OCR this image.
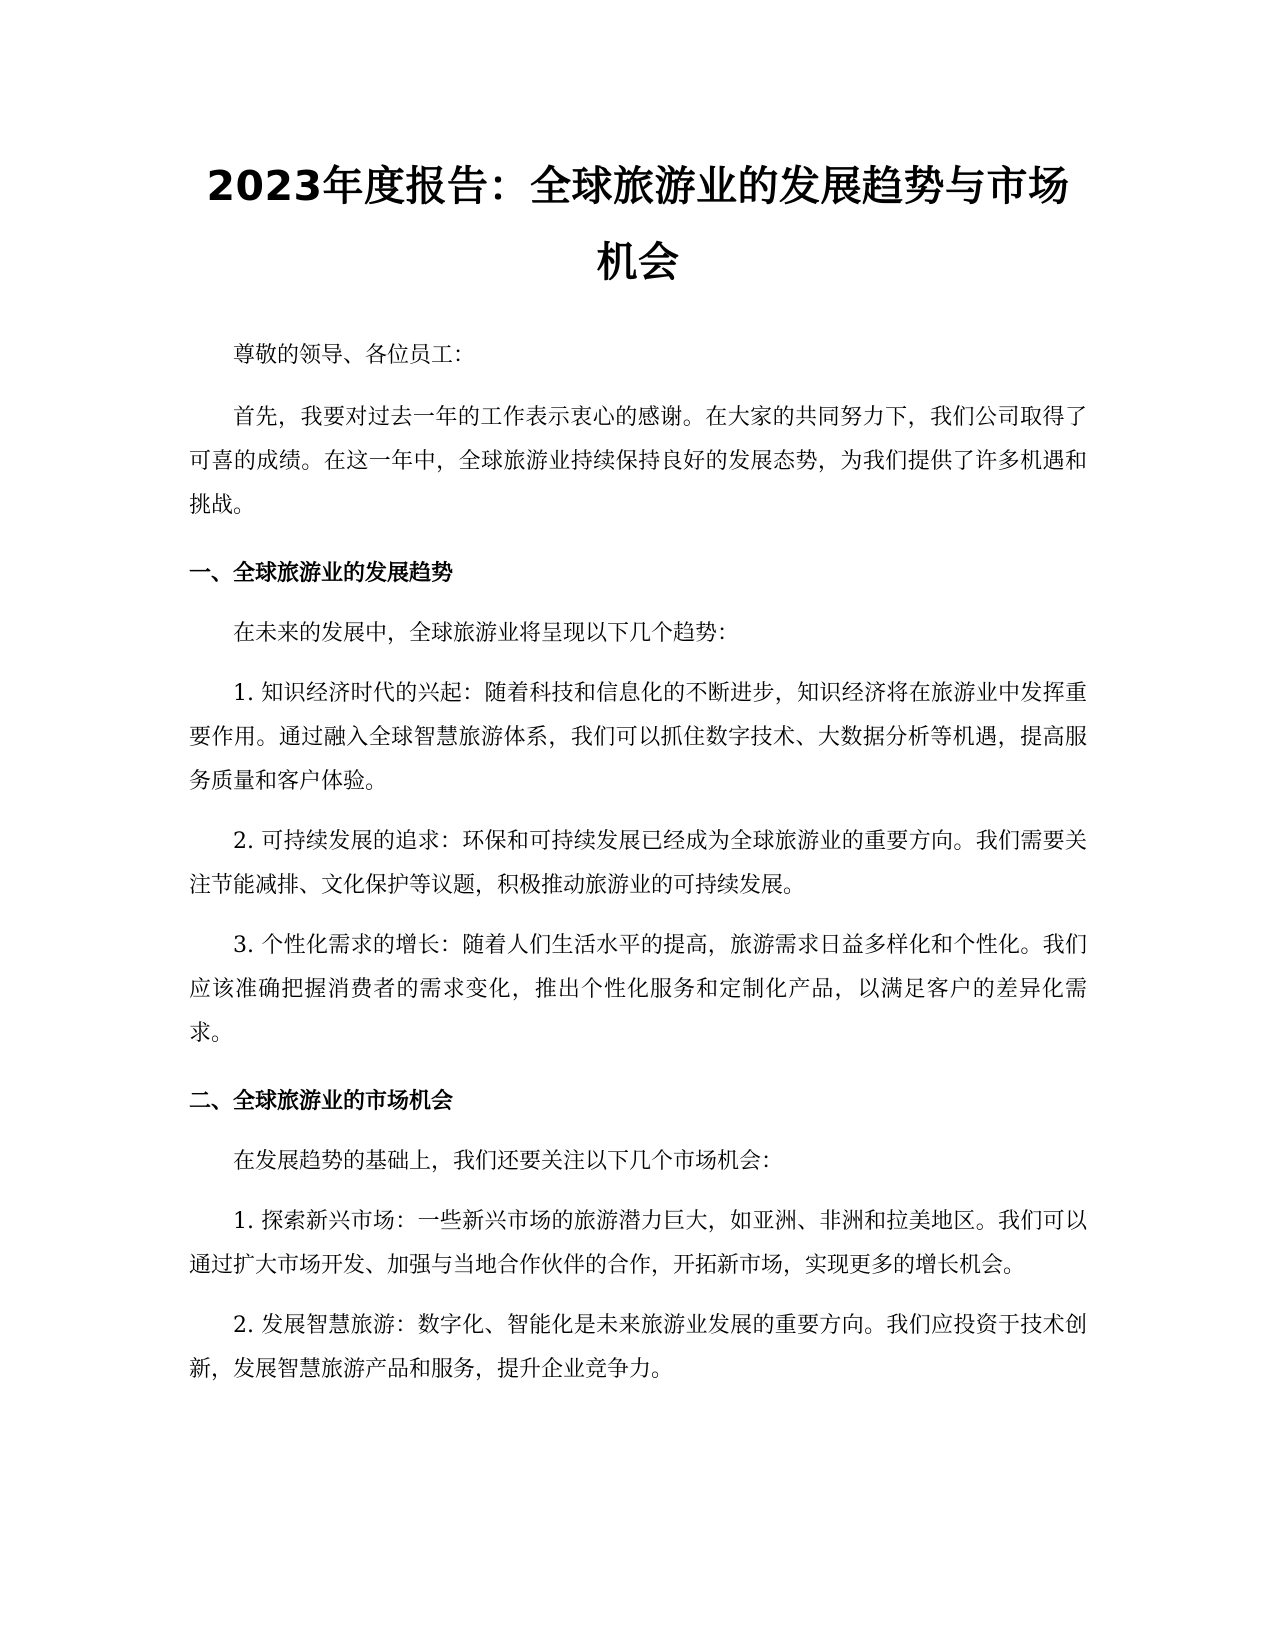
2023年度报告：全球旅游业的发展趋势与市场机会

尊敬的领导、各位员工：

首先，我要对过去一年的工作表示衷心的感谢。在大家的共同努力下，我们公司取得了可喜的成绩。在这一年中，全球旅游业持续保持良好的发展态势，为我们提供了许多机遇和挑战。

一、全球旅游业的发展趋势

在未来的发展中，全球旅游业将呈现以下几个趋势：

1. 知识经济时代的兴起：随着科技和信息化的不断进步，知识经济将在旅游业中发挥重要作用。通过融入全球智慧旅游体系，我们可以抓住数字技术、大数据分析等机遇，提高服务质量和客户体验。

2. 可持续发展的追求：环保和可持续发展已经成为全球旅游业的重要方向。我们需要关注节能减排、文化保护等议题，积极推动旅游业的可持续发展。

3. 个性化需求的增长：随着人们生活水平的提高，旅游需求日益多样化和个性化。我们应该准确把握消费者的需求变化，推出个性化服务和定制化产品，以满足客户的差异化需求。

二、全球旅游业的市场机会

在发展趋势的基础上，我们还要关注以下几个市场机会：

1. 探索新兴市场：一些新兴市场的旅游潜力巨大，如亚洲、非洲和拉美地区。我们可以通过扩大市场开发、加强与当地合作伙伴的合作，开拓新市场，实现更多的增长机会。

2. 发展智慧旅游：数字化、智能化是未来旅游业发展的重要方向。我们应投资于技术创新，发展智慧旅游产品和服务，提升企业竞争力。
